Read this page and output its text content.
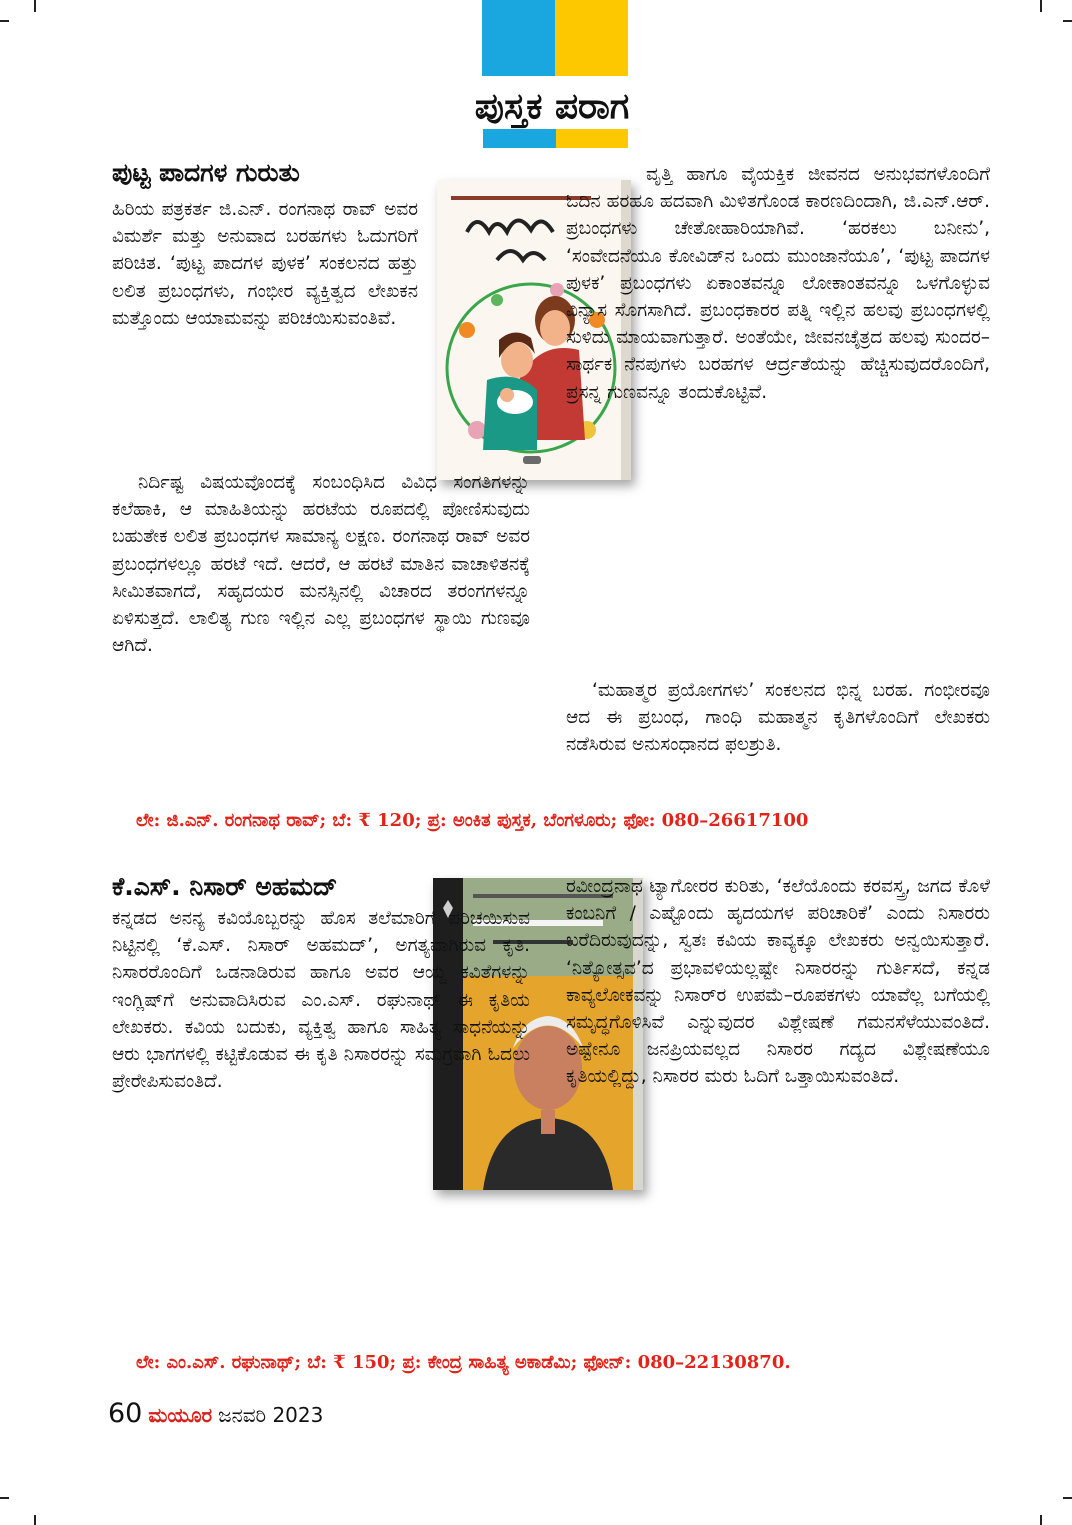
ಪುಸ್ತಕ ಪರಾಗ
ಪುಟ್ಟ ಪಾದಗಳ ಗುರುತು

ಹಿರಿಯ ಪತ್ರಕರ್ತ ಜಿ.ಎನ್. ರಂಗನಾಥ ರಾವ್ ಅವರ ವಿಮರ್ಶೆ ಮತ್ತು ಅನುವಾದ ಬರಹಗಳು ಓದುಗರಿಗೆ ಪರಿಚಿತ. ‘ಪುಟ್ಟ ಪಾದಗಳ ಪುಳಕ’ ಸಂಕಲನದ ಹತ್ತು ಲಲಿತ ಪ್ರಬಂಧಗಳು, ಗಂಭೀರ ವ್ಯಕ್ತಿತ್ವದ ಲೇಖಕನ ಮತ್ತೊಂದು ಆಯಾಮವನ್ನು ಪರಿಚಯಿಸುವಂತಿವೆ.

ನಿರ್ದಿಷ್ಟ ವಿಷಯವೊಂದಕ್ಕೆ ಸಂಬಂಧಿಸಿದ ವಿವಿಧ ಸಂಗತಿಗಳನ್ನು ಕಲೆಹಾಕಿ, ಆ ಮಾಹಿತಿಯನ್ನು ಹರಟೆಯ ರೂಪದಲ್ಲಿ ಪೋಣಿಸುವುದು ಬಹುತೇಕ ಲಲಿತ ಪ್ರಬಂಧಗಳ ಸಾಮಾನ್ಯ ಲಕ್ಷಣ. ರಂಗನಾಥ ರಾವ್ ಅವರ ಪ್ರಬಂಧಗಳಲ್ಲೂ ಹರಟೆ ಇದೆ. ಆದರೆ, ಆ ಹರಟೆ ಮಾತಿನ ವಾಚಾಳಿತನಕ್ಕೆ ಸೀಮಿತವಾಗದೆ, ಸಹೃದಯರ ಮನಸ್ಸಿನಲ್ಲಿ ವಿಚಾರದ ತರಂಗಗಳನ್ನೂ ಏಳಿಸುತ್ತದೆ. ಲಾಲಿತ್ಯ ಗುಣ ಇಲ್ಲಿನ ಎಲ್ಲ ಪ್ರಬಂಧಗಳ ಸ್ಥಾಯಿ ಗುಣವೂ ಆಗಿದೆ.

ವೃತ್ತಿ ಹಾಗೂ ವೈಯಕ್ತಿಕ ಜೀವನದ ಅನುಭವಗಳೊಂದಿಗೆ ಓದಿನ ಹರಹೂ ಹದವಾಗಿ ಮಿಳಿತಗೊಂಡ ಕಾರಣದಿಂದಾಗಿ, ಜಿ.ಎನ್.ಆರ್. ಪ್ರಬಂಧಗಳು ಚೇತೋಹಾರಿಯಾಗಿವೆ. ‘ಹರಕಲು ಬನೀನು’, ‘ಸಂವೇದನೆಯೂ ಕೋವಿಡ್‌ನ ಒಂದು ಮುಂಜಾನೆಯೂ’, ‘ಪುಟ್ಟ ಪಾದಗಳ ಪುಳಕ’ ಪ್ರಬಂಧಗಳು ಏಕಾಂತವನ್ನೂ ಲೋಕಾಂತವನ್ನೂ ಒಳಗೊಳ್ಳುವ ವಿನ್ಯಾಸ ಸೊಗಸಾಗಿದೆ. ಪ್ರಬಂಧಕಾರರ ಪತ್ನಿ ಇಲ್ಲಿನ ಹಲವು ಪ್ರಬಂಧಗಳಲ್ಲಿ ಸುಳಿದು ಮಾಯವಾಗುತ್ತಾರೆ. ಅಂತೆಯೇ, ಜೀವನಚೈತ್ರದ ಹಲವು ಸುಂದರ–ಸಾರ್ಥಕ ನೆನಪುಗಳು ಬರಹಗಳ ಆರ್ದ್ರತೆಯನ್ನು ಹೆಚ್ಚಿಸುವುದರೊಂದಿಗೆ, ಪ್ರಸನ್ನ ಗುಣವನ್ನೂ ತಂದುಕೊಟ್ಟಿವೆ.

‘ಮಹಾತ್ಮರ ಪ್ರಯೋಗಗಳು’ ಸಂಕಲನದ ಭಿನ್ನ ಬರಹ. ಗಂಭೀರವೂ ಆದ ಈ ಪ್ರಬಂಧ, ಗಾಂಧಿ ಮಹಾತ್ಮನ ಕೃತಿಗಳೊಂದಿಗೆ ಲೇಖಕರು ನಡೆಸಿರುವ ಅನುಸಂಧಾನದ ಫಲಶ್ರುತಿ.

ಲೇ: ಜಿ.ಎನ್. ರಂಗನಾಥ ರಾವ್; ಬೆ: ₹ 120; ಪ್ರ: ಅಂಕಿತ ಪುಸ್ತಕ, ಬೆಂಗಳೂರು; ಫೋ: 080–26617100
ಕೆ.ಎಸ್. ನಿಸಾರ್ ಅಹಮದ್

ಕನ್ನಡದ ಅನನ್ಯ ಕವಿಯೊಬ್ಬರನ್ನು ಹೊಸ ತಲೆಮಾರಿಗೆ ಪರಿಚಯಿಸುವ ನಿಟ್ಟಿನಲ್ಲಿ ‘ಕೆ.ಎಸ್. ನಿಸಾರ್ ಅಹಮದ್’, ಅಗತ್ಯವಾಗಿರುವ ಕೃತಿ. ನಿಸಾರರೊಂದಿಗೆ ಒಡನಾಡಿರುವ ಹಾಗೂ ಅವರ ಆಯ್ದ ಕವಿತೆಗಳನ್ನು ಇಂಗ್ಲಿಷ್‌ಗೆ ಅನುವಾದಿಸಿರುವ ಎಂ.ಎಸ್. ರಘುನಾಥ್ ಈ ಕೃತಿಯ ಲೇಖಕರು. ಕವಿಯ ಬದುಕು, ವ್ಯಕ್ತಿತ್ವ ಹಾಗೂ ಸಾಹಿತ್ಯ ಸಾಧನೆಯನ್ನು ಆರು ಭಾಗಗಳಲ್ಲಿ ಕಟ್ಟಿಕೊಡುವ ಈ ಕೃತಿ ನಿಸಾರರನ್ನು ಸಮಗ್ರವಾಗಿ ಓದಲು ಪ್ರೇರೇಪಿಸುವಂತಿದೆ.

ರವೀಂದ್ರನಾಥ ಟ್ಯಾಗೋರರ ಕುರಿತು, ‘ಕಲೆಯೊಂದು ಕರವಸ್ತ್ರ, ಜಗದ ಕೊಳೆ ಕಂಬನಿಗೆ / ಎಷ್ಟೊಂದು ಹೃದಯಗಳ ಪರಿಚಾರಿಕೆ’ ಎಂದು ನಿಸಾರರು ಬರೆದಿರುವುದನ್ನು, ಸ್ವತಃ ಕವಿಯ ಕಾವ್ಯಕ್ಕೂ ಲೇಖಕರು ಅನ್ವಯಿಸುತ್ತಾರೆ. ‘ನಿತ್ಯೋತ್ಸವ’ದ ಪ್ರಭಾವಳಿಯಲ್ಲಷ್ಟೇ ನಿಸಾರರನ್ನು ಗುರ್ತಿಸದೆ, ಕನ್ನಡ ಕಾವ್ಯಲೋಕವನ್ನು ನಿಸಾರ್‌ರ ಉಪಮೆ–ರೂಪಕಗಳು ಯಾವೆಲ್ಲ ಬಗೆಯಲ್ಲಿ ಸಮೃದ್ಧಗೊಳಿಸಿವೆ ಎನ್ನುವುದರ ವಿಶ್ಲೇಷಣೆ ಗಮನಸೆಳೆಯುವಂತಿದೆ. ಅಷ್ಟೇನೂ ಜನಪ್ರಿಯವಲ್ಲದ ನಿಸಾರರ ಗದ್ಯದ ವಿಶ್ಲೇಷಣೆಯೂ ಕೃತಿಯಲ್ಲಿದ್ದು, ನಿಸಾರರ ಮರು ಓದಿಗೆ ಒತ್ತಾಯಿಸುವಂತಿದೆ.

ಲೇ: ಎಂ.ಎಸ್. ರಘುನಾಥ್; ಬೆ: ₹ 150; ಪ್ರ: ಕೇಂದ್ರ ಸಾಹಿತ್ಯ ಅಕಾಡೆಮಿ; ಫೋನ್: 080–22130870.
60 ಮಯೂರ ಜನವರಿ 2023
